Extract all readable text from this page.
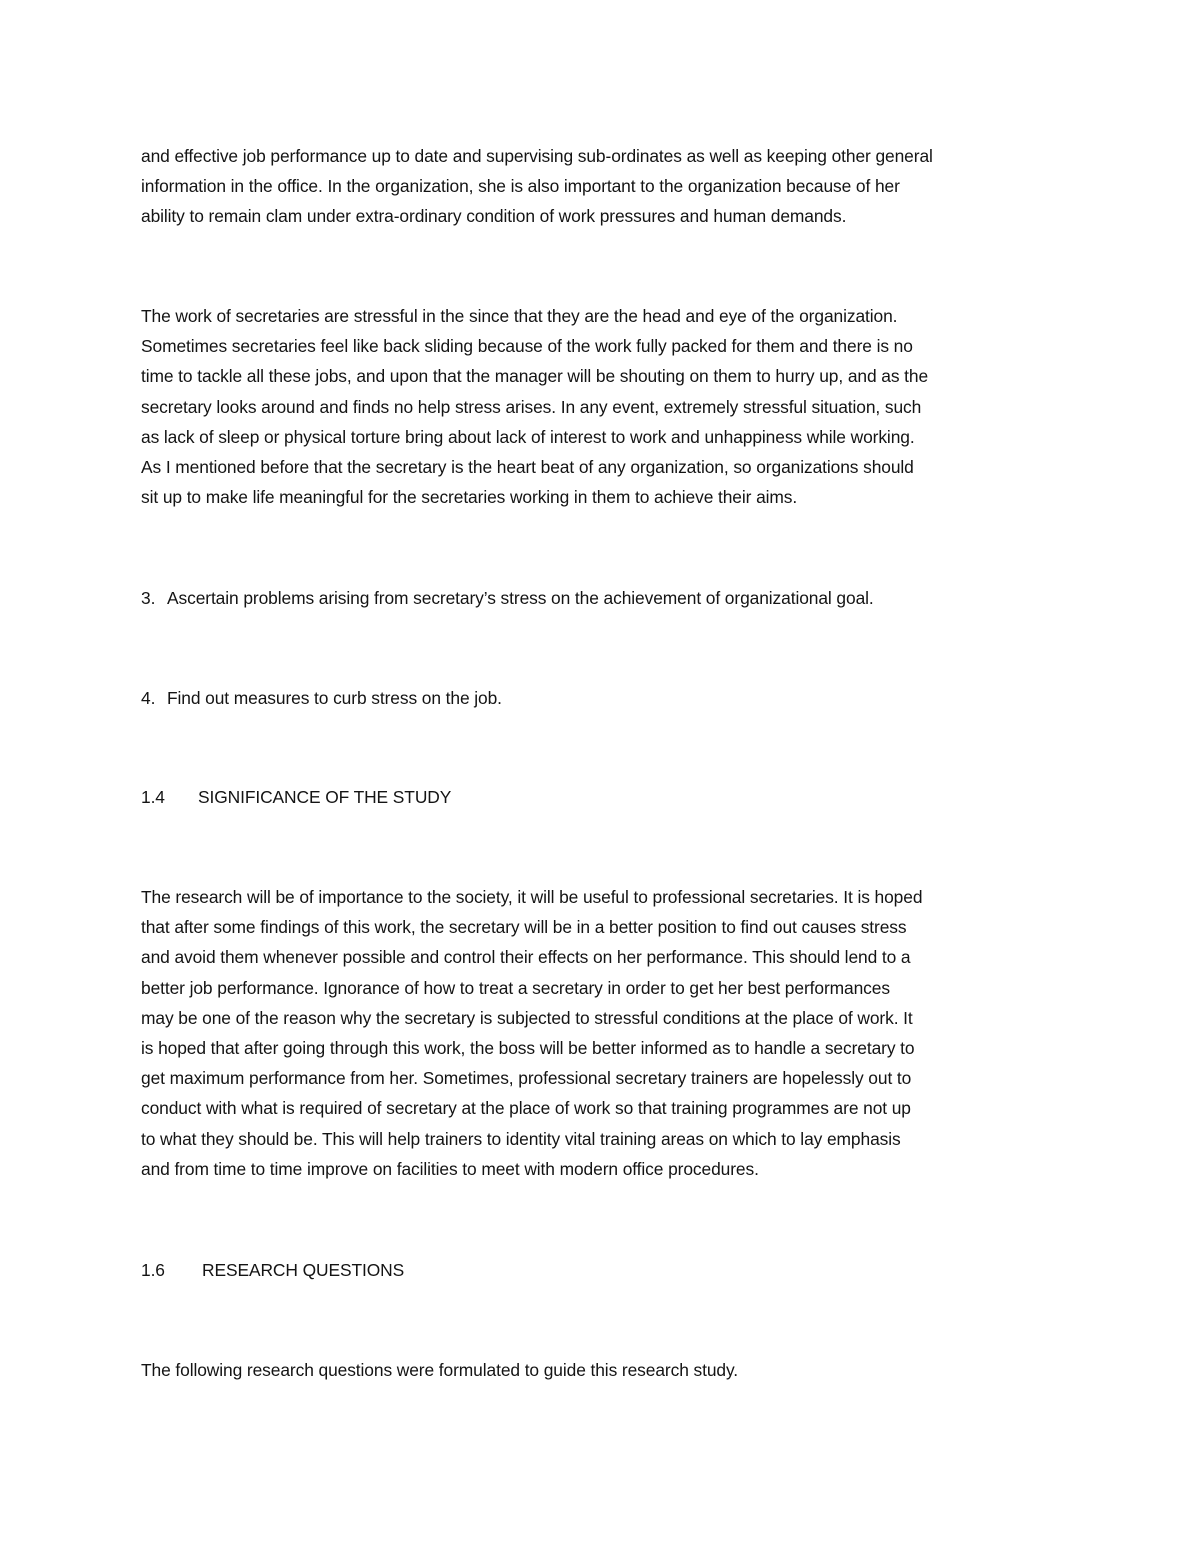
and effective job performance up to date and supervising sub-ordinates as well as keeping other general
information in the office. In the organization, she is also important to the organization because of her
ability to remain clam under extra-ordinary condition of work pressures and human demands.
The work of secretaries are stressful in the since that they are the head and eye of the organization.
Sometimes secretaries feel like back sliding because of the work fully packed for them and there is no
time to tackle all these jobs, and upon that the manager will be shouting on them to hurry up, and as the
secretary looks around and finds no help stress arises. In any event, extremely stressful situation, such
as lack of sleep or physical torture bring about lack of interest to work and unhappiness while working.
As I mentioned before that the secretary is the heart beat of any organization, so organizations should
sit up to make life meaningful for the secretaries working in them to achieve their aims.
3. Ascertain problems arising from secretary’s stress on the achievement of organizational goal.
4. Find out measures to curb stress on the job.
1.4 SIGNIFICANCE OF THE STUDY
The research will be of importance to the society, it will be useful to professional secretaries. It is hoped
that after some findings of this work, the secretary will be in a better position to find out causes stress
and avoid them whenever possible and control their effects on her performance. This should lend to a
better job performance. Ignorance of how to treat a secretary in order to get her best performances
may be one of the reason why the secretary is subjected to stressful conditions at the place of work. It
is hoped that after going through this work, the boss will be better informed as to handle a secretary to
get maximum performance from her. Sometimes, professional secretary trainers are hopelessly out to
conduct with what is required of secretary at the place of work so that training programmes are not up
to what they should be. This will help trainers to identity vital training areas on which to lay emphasis
and from time to time improve on facilities to meet with modern office procedures.
1.6 RESEARCH QUESTIONS
The following research questions were formulated to guide this research study.
